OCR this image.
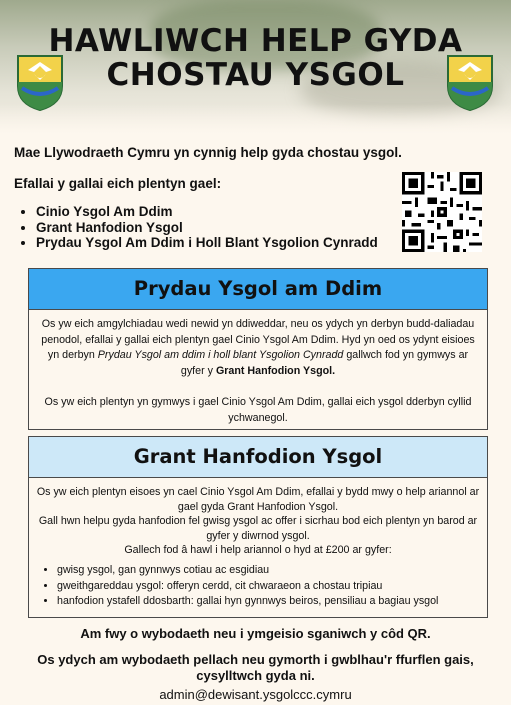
HAWLIWCH HELP GYDA
CHOSTAU YSGOL
Mae Llywodraeth Cymru yn cynnig help gyda chostau ysgol.
Efallai y gallai eich plentyn gael:
• Cinio Ysgol Am Ddim
• Grant Hanfodion Ysgol
• Prydau Ysgol Am Ddim i Holl Blant Ysgolion Cynradd
Prydau Ysgol am Ddim

Os yw eich amgylchiadau wedi newid yn ddiweddar, neu os ydych yn derbyn budd-daliadau penodol, efallai y gallai eich plentyn gael Cinio Ysgol Am Ddim. Hyd yn oed os ydynt eisioes yn derbyn Prydau Ysgol am ddim i holl blant Ysgolion Cynradd gallwch fod yn gymwys ar gyfer y Grant Hanfodion Ysgol.

Os yw eich plentyn yn gymwys i gael Cinio Ysgol Am Ddim, gallai eich ysgol dderbyn cyllid ychwanegol.

Grant Hanfodion Ysgol

Os yw eich plentyn eisoes yn cael Cinio Ysgol Am Ddim, efallai y bydd mwy o help ariannol ar gael gyda Grant Hanfodion Ysgol.

Gall hwn helpu gyda hanfodion fel gwisg ysgol ac offer i sicrhau bod eich plentyn yn barod ar gyfer y diwrnod ysgol.

Gallech fod â hawl i help ariannol o hyd at £200 ar gyfer:

• gwisg ysgol, gan gynnwys cotiau ac esgidiau
• gweithgareddau ysgol: offeryn cerdd, cit chwaraeon a chostau tripiau
• hanfodion ystafell ddosbarth: gallai hyn gynnwys beiros, pensiliau a bagiau ysgol
Am fwy o wybodaeth neu i ymgeisio sganiwch y côd QR.
Os ydych am wybodaeth pellach neu gymorth i gwblhau'r ffurflen gais, cysylltwch gyda ni.
admin@dewisant.ysgolccc.cymru
